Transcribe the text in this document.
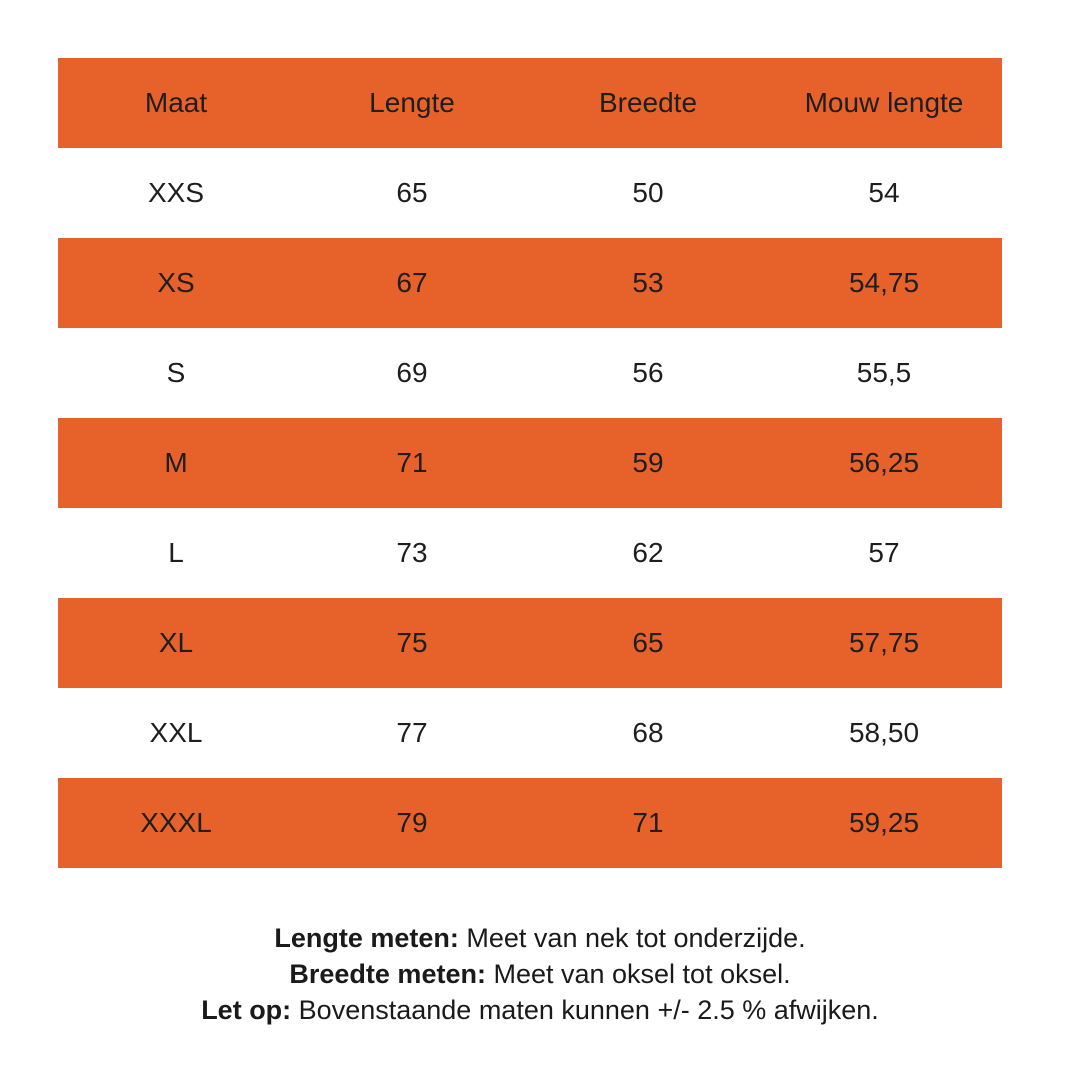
Maat	Lengte	Breedte	Mouw lengte
XXS	65	50	54
XS	67	53	54,75
S	69	56	55,5
M	71	59	56,25
L	73	62	57
XL	75	65	57,75
XXL	77	68	58,50
XXXL	79	71	59,25

Lengte meten: Meet van nek tot onderzijde.

Breedte meten: Meet van oksel tot oksel.

Let op: Bovenstaande maten kunnen +/- 2.5 % afwijken.
